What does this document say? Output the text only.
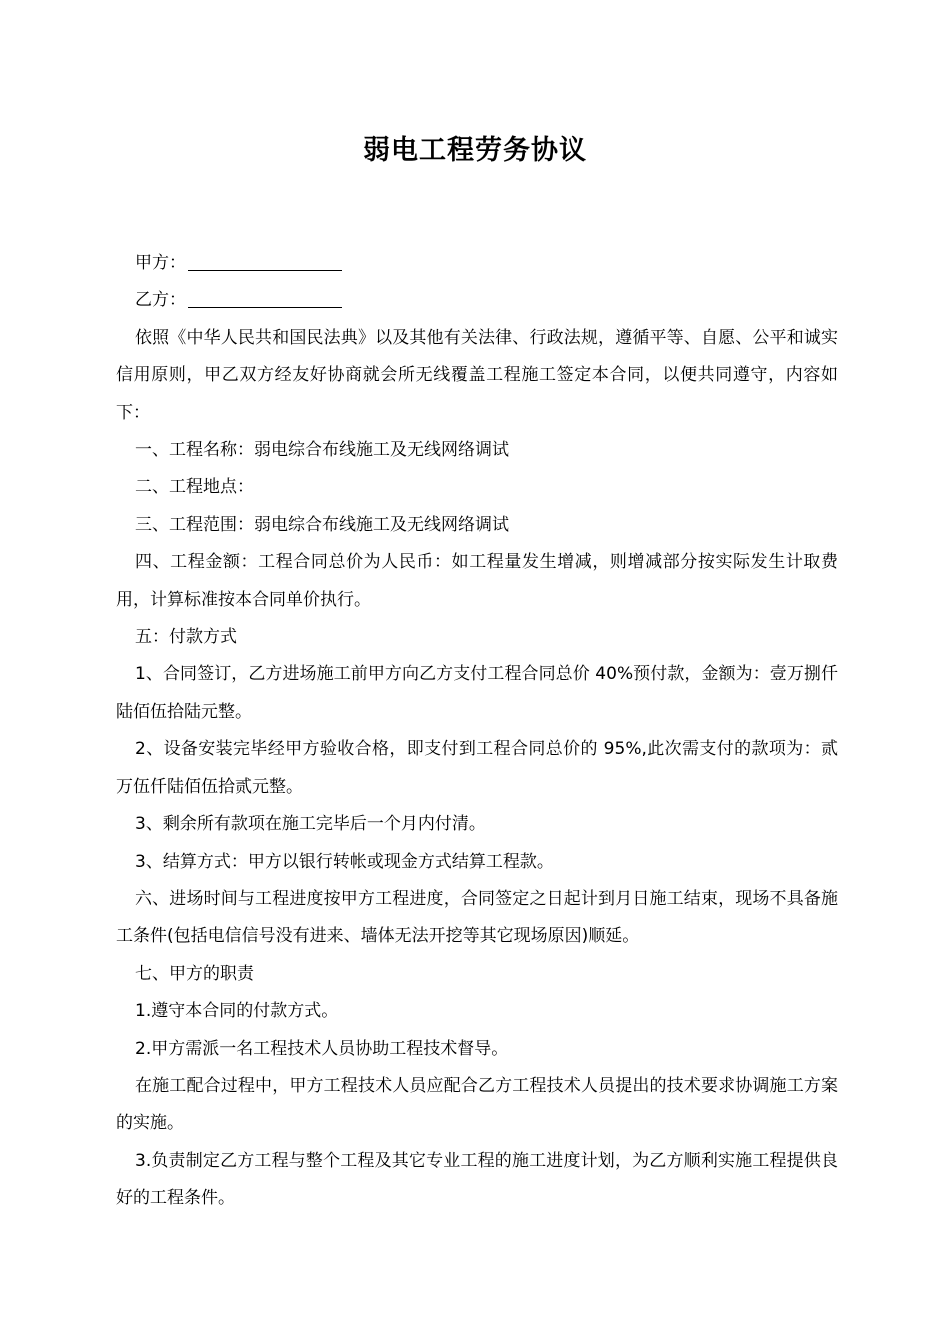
弱电工程劳务协议

甲方：

乙方：

依照《中华人民共和国民法典》以及其他有关法律、行政法规，遵循平等、自愿、公平和诚实信用原则，甲乙双方经友好协商就会所无线覆盖工程施工签定本合同，以便共同遵守，内容如下：

一、工程名称：弱电综合布线施工及无线网络调试

二、工程地点：

三、工程范围：弱电综合布线施工及无线网络调试

四、工程金额：工程合同总价为人民币：如工程量发生增减，则增减部分按实际发生计取费用，计算标准按本合同单价执行。

五：付款方式

1、合同签订，乙方进场施工前甲方向乙方支付工程合同总价 40%预付款，金额为：壹万捌仟陆佰伍拾陆元整。

2、设备安装完毕经甲方验收合格，即支付到工程合同总价的 95%,此次需支付的款项为：贰万伍仟陆佰伍拾贰元整。

3、剩余所有款项在施工完毕后一个月内付清。

3、结算方式：甲方以银行转帐或现金方式结算工程款。

六、进场时间与工程进度按甲方工程进度，合同签定之日起计到月日施工结束，现场不具备施工条件(包括电信信号没有进来、墙体无法开挖等其它现场原因)顺延。

七、甲方的职责

1.遵守本合同的付款方式。

2.甲方需派一名工程技术人员协助工程技术督导。

在施工配合过程中，甲方工程技术人员应配合乙方工程技术人员提出的技术要求协调施工方案的实施。

3.负责制定乙方工程与整个工程及其它专业工程的施工进度计划，为乙方顺利实施工程提供良好的工程条件。
